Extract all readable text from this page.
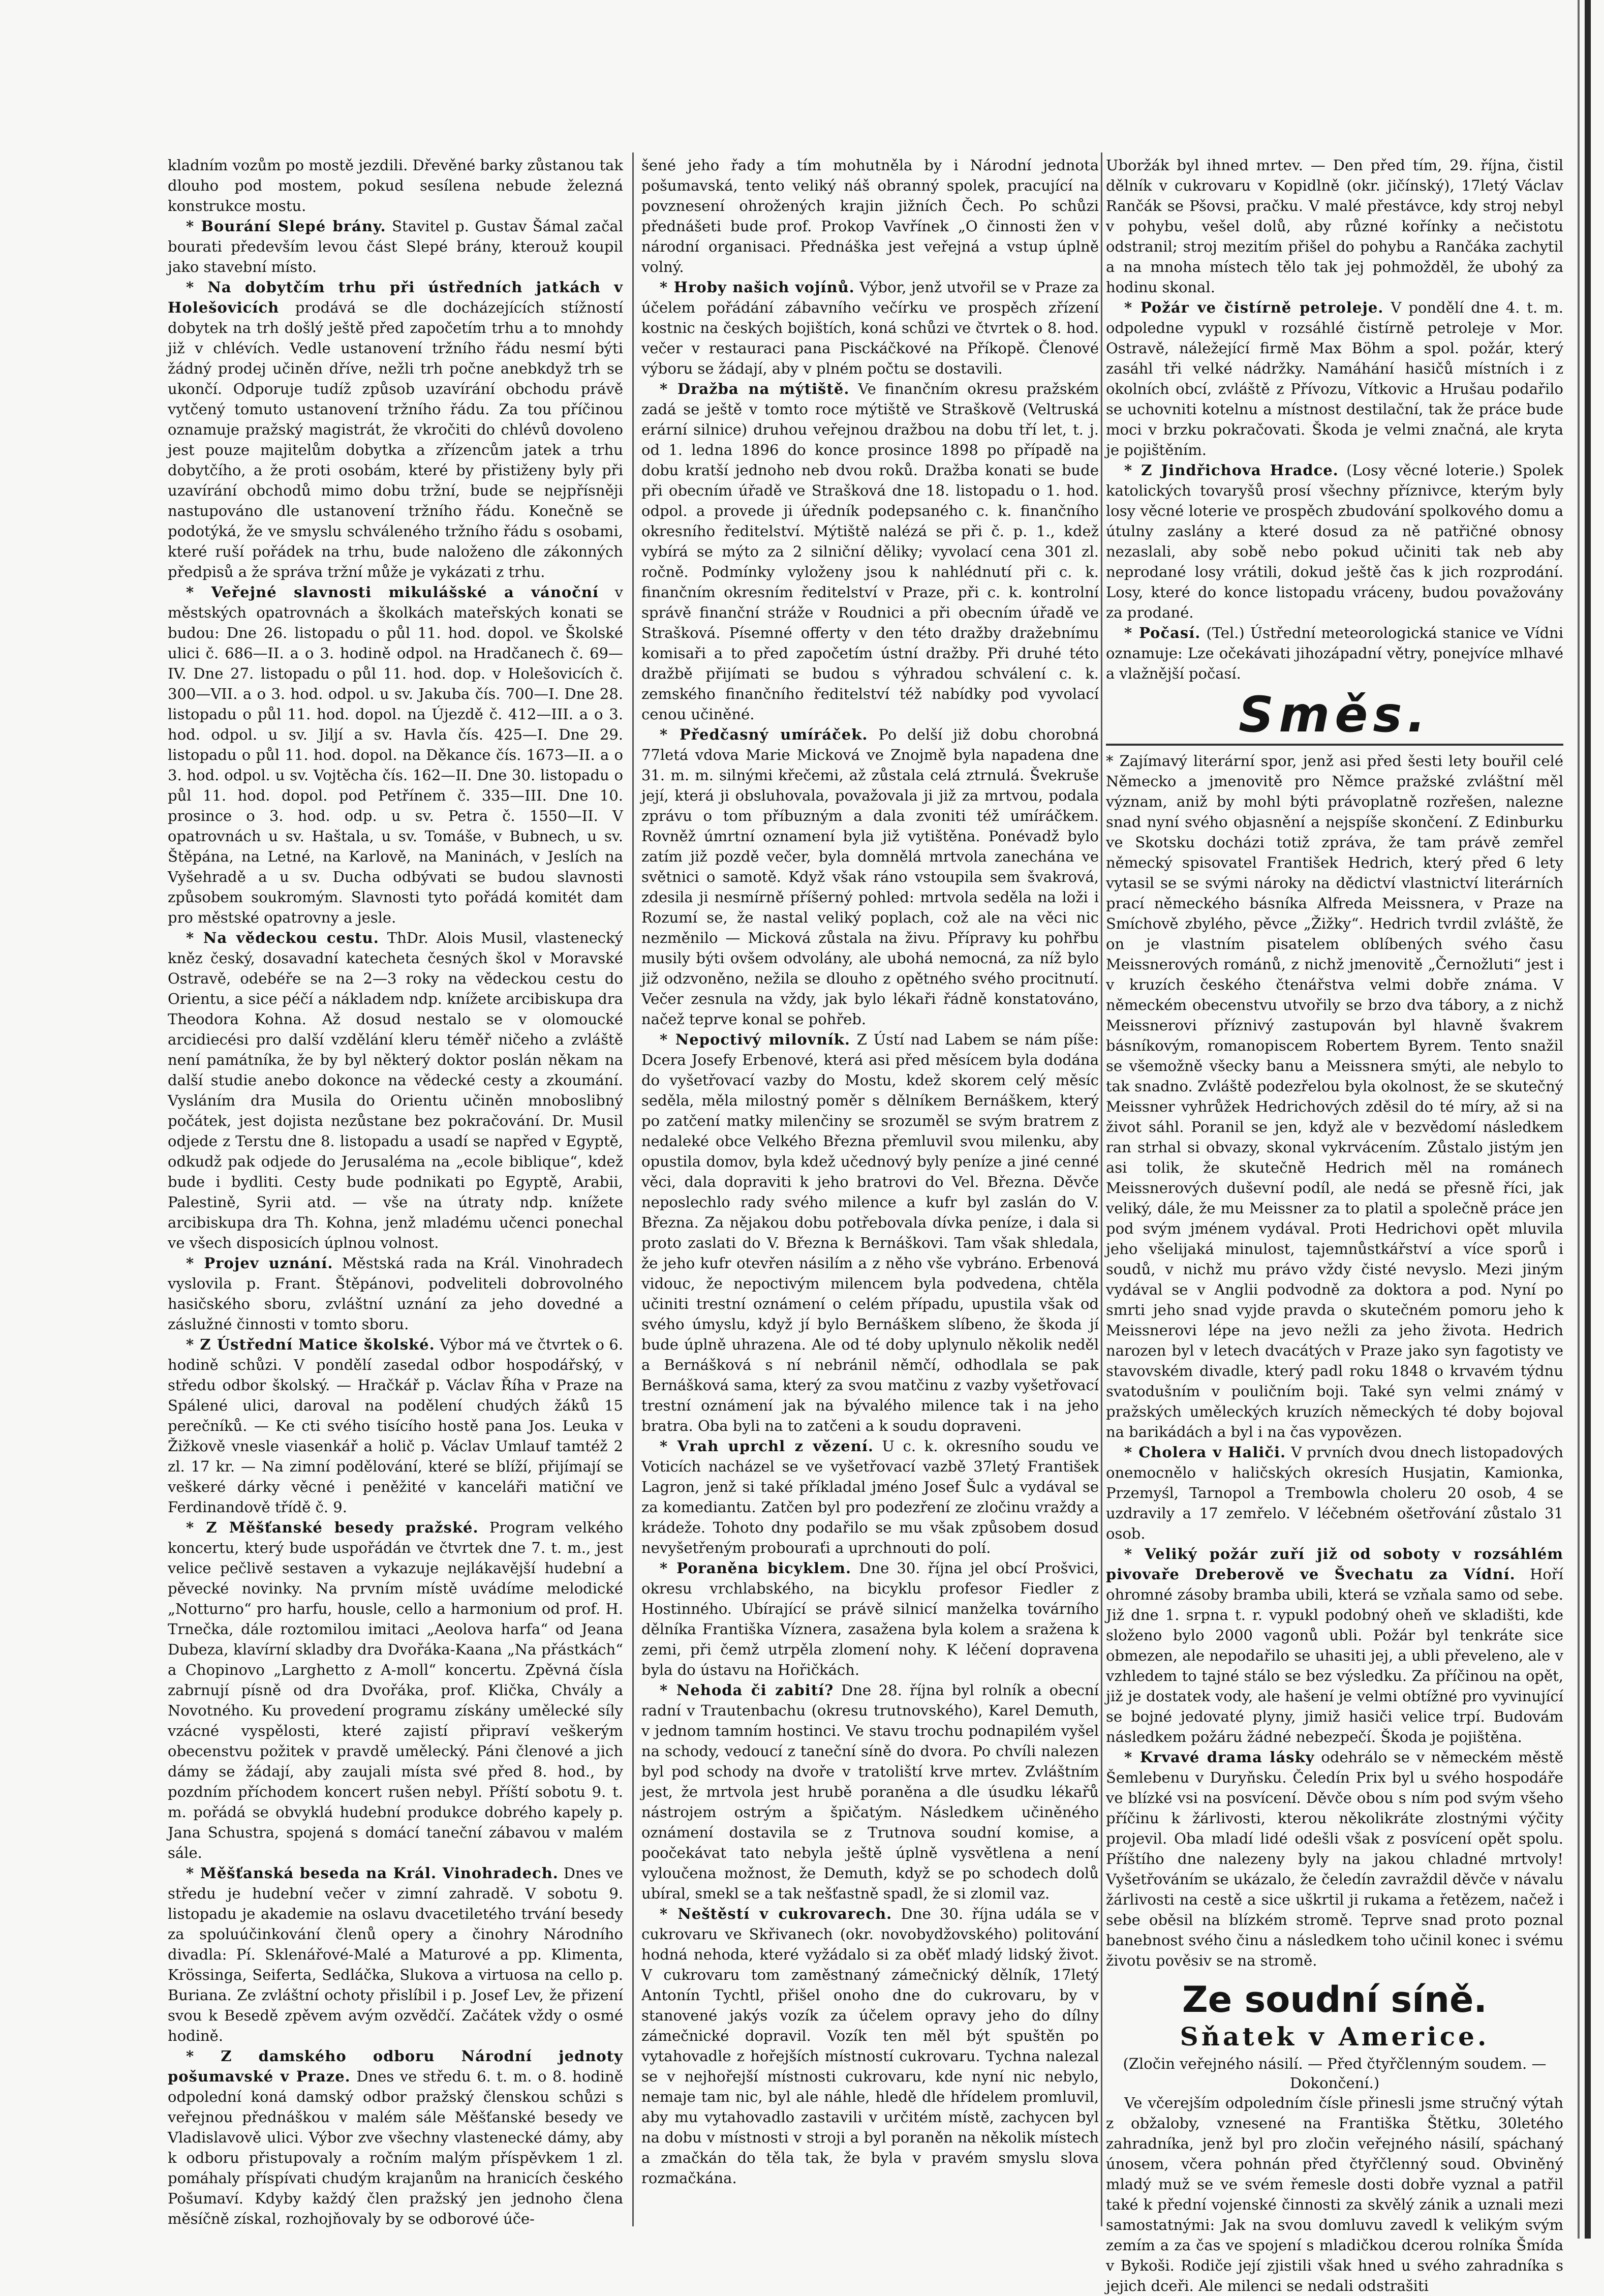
kladním vozům po mostě jezdili. Dřevěné barky zůstanou tak dlouho pod mostem, pokud sesílena nebude železná konstrukce mostu.

* Bourání Slepé brány. Stavitel p. Gustav Šámal začal bourati především levou část Slepé brány, kterouž koupil jako stavební místo.

* Na dobytčím trhu při ústředních jatkách v Holešovicích prodává se dle docházejících stížností dobytek na trh došlý ještě před započetím trhu a to mnohdy již v chlévích. Vedle ustanovení tržního řádu nesmí býti žádný prodej učiněn dříve, nežli trh počne anebkdyž trh se ukončí. Odporuje tudíž způsob uzavírání obchodu právě vytčený tomuto ustanovení tržního řádu. Za tou příčinou oznamuje pražský magistrát, že vkročiti do chlévů dovoleno jest pouze majitelům dobytka a zřízencům jatek a trhu dobytčího, a že proti osobám, které by přistiženy byly při uzavírání obchodů mimo dobu tržní, bude se nejpřísněji nastupováno dle ustanovení tržního řádu. Konečně se podotýká, že ve smyslu schváleného tržního řádu s osobami, které ruší pořádek na trhu, bude naloženo dle zákonných předpisů a že správa tržní může je vykázati z trhu.

* Veřejné slavnosti mikulášské a vánoční v městských opatrovnách a školkách mateřských konati se budou: Dne 26. listopadu o půl 11. hod. dopol. ve Školské ulici č. 686—II. a o 3. hodině odpol. na Hradčanech č. 69—IV. Dne 27. listopadu o půl 11. hod. dop. v Holešovicích č. 300—VII. a o 3. hod. odpol. u sv. Jakuba čís. 700—I. Dne 28. listopadu o půl 11. hod. dopol. na Újezdě č. 412—III. a o 3. hod. odpol. u sv. Jiljí a sv. Havla čís. 425—I. Dne 29. listopadu o půl 11. hod. dopol. na Děkance čís. 1673—II. a o 3. hod. odpol. u sv. Vojtěcha čís. 162—II. Dne 30. listopadu o půl 11. hod. dopol. pod Petřínem č. 335—III. Dne 10. prosince o 3. hod. odp. u sv. Petra č. 1550—II. V opatrovnách u sv. Haštala, u sv. Tomáše, v Bubnech, u sv. Štěpána, na Letné, na Karlově, na Maninách, v Jeslích na Vyšehradě a u sv. Ducha odbývati se budou slavnosti způsobem soukromým. Slavnosti tyto pořádá komitét dam pro městské opatrovny a jesle.

* Na vědeckou cestu. ThDr. Alois Musil, vlastenecký kněz český, dosavadní katecheta česných škol v Moravské Ostravě, odebéře se na 2—3 roky na vědeckou cestu do Orientu, a sice péčí a nákladem ndp. knížete arcibiskupa dra Theodora Kohna. Až dosud nestalo se v olomoucké arcidiecési pro další vzdělání kleru téměř ničeho a zvláště není památníka, že by byl některý doktor poslán někam na další studie anebo dokonce na vědecké cesty a zkoumání. Vysláním dra Musila do Orientu učiněn mnoboslibný počátek, jest dojista nezůstane bez pokračování. Dr. Musil odjede z Terstu dne 8. listopadu a usadí se napřed v Egyptě, odkudž pak odjede do Jerusaléma na „ecole biblique“, kdež bude i bydliti. Cesty bude podnikati po Egyptě, Arabii, Palestině, Syrii atd. — vše na útraty ndp. knížete arcibiskupa dra Th. Kohna, jenž mladému učenci ponechal ve všech disposicích úplnou volnost.

* Projev uznání. Městská rada na Král. Vinohradech vyslovila p. Frant. Štěpánovi, podveliteli dobrovolného hasičského sboru, zvláštní uznání za jeho dovedné a záslužné činnosti v tomto sboru.

* Z Ústřední Matice školské. Výbor má ve čtvrtek o 6. hodině schůzi. V pondělí zasedal odbor hospodářský, v středu odbor školský. — Hračkář p. Václav Říha v Praze na Spálené ulici, daroval na podělení chudých žáků 15 perečníků. — Ke cti svého tisícího hostě pana Jos. Leuka v Žižkově vnesle viasenkář a holič p. Václav Umlauf tamtéž 2 zl. 17 kr. — Na zimní podělování, které se blíží, přijímají se veškeré dárky věcné i peněžité v kanceláři matiční ve Ferdinandově třídě č. 9.

* Z Měšťanské besedy pražské. Program velkého koncertu, který bude uspořádán ve čtvrtek dne 7. t. m., jest velice pečlivě sestaven a vykazuje nejlákavější hudební a pěvecké novinky. Na prvním místě uvádíme melodické „Notturno“ pro harfu, housle, cello a harmonium od prof. H. Trnečka, dále roztomilou imitaci „Aeolova harfa“ od Jeana Dubeza, klavírní skladby dra Dvořáka-Kaana „Na přástkách“ a Chopinovo „Larghetto z A-moll“ koncertu. Zpěvná čísla zabrnují písně od dra Dvořáka, prof. Klička, Chvály a Novotného. Ku provedení programu získány umělecké síly vzácné vyspělosti, které zajistí připraví veškerým obecenstvu požitek v pravdě umělecký. Páni členové a jich dámy se žádají, aby zaujali místa své před 8. hod., by pozdním příchodem koncert rušen nebyl. Příští sobotu 9. t. m. pořádá se obvyklá hudební produkce dobrého kapely p. Jana Schustra, spojená s domácí taneční zábavou v malém sále.

* Měšťanská beseda na Král. Vinohradech. Dnes ve středu je hudební večer v zimní zahradě. V sobotu 9. listopadu je akademie na oslavu dvacetiletého trvání besedy za spoluúčinkování členů opery a činohry Národního divadla: Pí. Sklenářové-Malé a Maturové a pp. Klimenta, Krössinga, Seiferta, Sedláčka, Slukova a virtuosa na cello p. Buriana. Ze zvláštní ochoty přislíbil i p. Josef Lev, že přizení svou k Besedě zpěvem avým ozvědčí. Začátek vždy o osmé hodině.

* Z damského odboru Národní jednoty pošumavské v Praze. Dnes ve středu 6. t. m. o 8. hodině odpolední koná damský odbor pražský členskou schůzi s veřejnou přednáškou v malém sále Měšťanské besedy ve Vladislavově ulici. Výbor zve všechny vlastenecké dámy, aby k odboru přistupovaly a ročním malým příspěvkem 1 zl. pomáhaly příspívati chudým krajanům na hranicích českého Pošumaví. Kdyby každý člen pražský jen jednoho člena měsíčně získal, rozhojňovaly by se odborové úče-

šené jeho řady a tím mohutněla by i Národní jednota pošumavská, tento veliký náš obranný spolek, pracující na povznesení ohrožených krajin jižních Čech. Po schůzi přednášeti bude prof. Prokop Vavřínek „O činnosti žen v národní organisaci. Přednáška jest veřejná a vstup úplně volný.

* Hroby našich vojínů. Výbor, jenž utvořil se v Praze za účelem pořádání zábavního večírku ve prospěch zřízení kostnic na českých bojištích, koná schůzi ve čtvrtek o 8. hod. večer v restauraci pana Pisckáčkové na Příkopě. Členové výboru se žádají, aby v plném počtu se dostavili.

* Dražba na mýtiště. Ve finančním okresu pražském zadá se ještě v tomto roce mýtiště ve Straškově (Veltruská erární silnice) druhou veřejnou dražbou na dobu tří let, t. j. od 1. ledna 1896 do konce prosince 1898 po případě na dobu kratší jednoho neb dvou roků. Dražba konati se bude při obecním úřadě ve Strašková dne 18. listopadu o 1. hod. odpol. a provede ji úředník podepsaného c. k. finančního okresního ředitelství. Mýtiště nalézá se při č. p. 1., kdež vybírá se mýto za 2 silniční děliky; vyvolací cena 301 zl. ročně. Podmínky vyloženy jsou k nahlédnutí při c. k. finančním okresním ředitelství v Praze, při c. k. kontrolní správě finanční stráže v Roudnici a při obecním úřadě ve Strašková. Písemné offerty v den této dražby dražebnímu komisaři a to před započetím ústní dražby. Při druhé této dražbě přijímati se budou s výhradou schválení c. k. zemského finančního ředitelství též nabídky pod vyvolací cenou učiněné.

* Předčasný umíráček. Po delší již dobu chorobná 77letá vdova Marie Micková ve Znojmě byla napadena dne 31. m. m. silnými křečemi, až zůstala celá ztrnulá. Švekruše její, která ji obsluhovala, považovala ji již za mrtvou, podala zprávu o tom příbuzným a dala zvoniti též umíráčkem. Rovněž úmrtní oznamení byla již vytištěna. Ponévadž bylo zatím již pozdě večer, byla domnělá mrtvola zanechána ve světnici o samotě. Když však ráno vstoupila sem švakrová, zdesila ji nesmírně příšerný pohled: mrtvola seděla na loži i Rozumí se, že nastal veliký poplach, což ale na věci nic nezměnilo — Micková zůstala na živu. Přípravy ku pohřbu musily býti ovšem odvolány, ale ubohá nemocná, za níž bylo již odzvoněno, nežila se dlouho z opětného svého procitnutí. Večer zesnula na vždy, jak bylo lékaři řádně konstatováno, načež teprve konal se pohřeb.

* Nepoctivý milovník. Z Ústí nad Labem se nám píše: Dcera Josefy Erbenové, která asi před měsícem byla dodána do vyšetřovací vazby do Mostu, kdež skorem celý měsíc seděla, měla milostný poměr s dělníkem Bernáškem, který po zatčení matky milenčiny se srozuměl se svým bratrem z nedaleké obce Velkého Března přemluvil svou milenku, aby opustila domov, byla kdež učednový byly peníze a jiné cenné věci, dala dopraviti k jeho bratrovi do Vel. Března. Děvče neposlechlo rady svého milence a kufr byl zaslán do V. Března. Za nějakou dobu potřebovala dívka peníze, i dala si proto zaslati do V. Března k Bernáškovi. Tam však shledala, že jeho kufr otevřen násilím a z něho vše vybráno. Erbenová vidouc, že nepoctivým milencem byla podvedena, chtěla učiniti trestní oznámení o celém případu, upustila však od svého úmyslu, když jí bylo Bernáškem slíbeno, že škoda jí bude úplně uhrazena. Ale od té doby uplynulo několik neděl a Bernášková s ní nebránil němčí, odhodlala se pak Bernášková sama, který za svou matčinu z vazby vyšetřovací trestní oznámení jak na bývalého milence tak i na jeho bratra. Oba byli na to zatčeni a k soudu dopraveni.

* Vrah uprchl z vězení. U c. k. okresního soudu ve Voticích nacházel se ve vyšetřovací vazbě 37letý František Lagron, jenž si také příkladal jméno Josef Šulc a vydával se za komediantu. Zatčen byl pro podezření ze zločinu vraždy a krádeže. Tohoto dny podařilo se mu však způsobem dosud nevyšetřeným probouraťi a uprchnouti do polí.

* Poraněna bicyklem. Dne 30. října jel obcí Prošvici, okresu vrchlabského, na bicyklu profesor Fiedler z Hostinného. Ubírající se právě silnicí manželka továrního dělníka Františka Víznera, zasažena byla kolem a sražena k zemi, při čemž utrpěla zlomení nohy. K léčení dopravena byla do ústavu na Hořičkách.

* Nehoda či zabití? Dne 28. října byl rolník a obecní radní v Trautenbachu (okresu trutnovského), Karel Demuth, v jednom tamním hostinci. Ve stavu trochu podnapilém vyšel na schody, vedoucí z taneční síně do dvora. Po chvíli nalezen byl pod schody na dvoře v tratoliští krve mrtev. Zvláštním jest, že mrtvola jest hrubě poraněna a dle úsudku lékařů nástrojem ostrým a špičatým. Následkem učiněného oznámení dostavila se z Trutnova soudní komise, a poočekávat tato nebyla ještě úplně vysvětlena a není vyloučena možnost, že Demuth, když se po schodech dolů ubíral, smekl se a tak nešťastně spadl, že si zlomil vaz.

* Neštěstí v cukrovarech. Dne 30. října udála se v cukrovaru ve Skřivanech (okr. novobydžovského) politování hodná nehoda, které vyžádalo si za oběť mladý lidský život. V cukrovaru tom zaměstnaný zámečnický dělník, 17letý Antonín Tychtl, přišel onoho dne do cukrovaru, by v stanovené jakýs vozík za účelem opravy jeho do dílny zámečnické dopravil. Vozík ten měl být spuštěn po vytahovadle z hořejších místností cukrovaru. Tychna nalezal se v nejhořejší místnosti cukrovaru, kde nyní nic nebylo, nemaje tam nic, byl ale náhle, hledě dle hřídelem promluvil, aby mu vytahovadlo zastavili v určitém místě, zachycen byl na dobu v místnosti v stroji a byl poraněn na několik místech a zmačkán do těla tak, že byla v pravém smyslu slova rozmačkána.

Uboržák byl ihned mrtev. — Den před tím, 29. října, čistil dělník v cukrovaru v Kopidlně (okr. jičínský), 17letý Václav Rančák se Pšovsi, pračku. V malé přestávce, kdy stroj nebyl v pohybu, vešel dolů, aby různé kořínky a nečistotu odstranil; stroj mezitím přišel do pohybu a Rančáka zachytil a na mnoha místech tělo tak jej pohmožděl, že ubohý za hodinu skonal.

* Požár ve čistírně petroleje. V pondělí dne 4. t. m. odpoledne vypukl v rozsáhlé čistírně petroleje v Mor. Ostravě, náležející firmě Max Böhm a spol. požár, který zasáhl tři velké nádržky. Namáhání hasičů místních i z okolních obcí, zvláště z Přívozu, Vítkovic a Hrušau podařilo se uchovniti kotelnu a místnost destilační, tak že práce bude moci v brzku pokračovati. Škoda je velmi značná, ale kryta je pojištěním.

* Z Jindřichova Hradce. (Losy věcné loterie.) Spolek katolických tovaryšů prosí všechny příznivce, kterým byly losy věcné loterie ve prospěch zbudování spolkového domu a útulny zaslány a které dosud za ně patřičné obnosy nezaslali, aby sobě nebo pokud učiniti tak neb aby neprodané losy vrátili, dokud ještě čas k jich rozprodání. Losy, které do konce listopadu vráceny, budou považovány za prodané.

* Počasí. (Tel.) Ústřední meteorologická stanice ve Vídni oznamuje: Lze očekávati jihozápadní větry, ponejvíce mlhavé a vlažnější počasí.

Směs.

* Zajímavý literární spor, jenž asi před šesti lety bouřil celé Německo a jmenovitě pro Němce pražské zvláštní měl význam, aniž by mohl býti právoplatně rozřešen, nalezne snad nyní svého objasnění a nejspíše skončení. Z Edinburku ve Skotsku docházi totiž zpráva, že tam právě zemřel německý spisovatel František Hedrich, který před 6 lety vytasil se se svými nároky na dědictví vlastnictví literárních prací německého básníka Alfreda Meissnera, v Praze na Smíchově zbylého, pěvce „Žižky“. Hedrich tvrdil zvláště, že on je vlastním pisatelem oblíbených svého času Meissnerových románů, z nichž jmenovitě „Černožluti“ jest i v kruzích českého čtenářstva velmi dobře známa. V německém obecenstvu utvořily se brzo dva tábory, a z nichž Meissnerovi příznivý zastupován byl hlavně švakrem básníkovým, romanopiscem Robertem Byrem. Tento snažil se všemožně všecky banu a Meissnera smýti, ale nebylo to tak snadno. Zvláště podezřelou byla okolnost, že se skutečný Meissner vyhrůžek Hedrichových zděsil do té míry, až si na život sáhl. Poranil se jen, když ale v bezvědomí následkem ran strhal si obvazy, skonal vykrvácením. Zůstalo jistým jen asi tolik, že skutečně Hedrich měl na románech Meissnerových duševní podíl, ale nedá se přesně říci, jak veliký, dále, že mu Meissner za to platil a společně práce jen pod svým jménem vydával. Proti Hedrichovi opět mluvila jeho všelijaká minulost, tajemnůstkářství a více sporů i soudů, v nichž mu právo vždy čisté nevyslo. Mezi jiným vydával se v Anglii podvodně za doktora a pod. Nyní po smrti jeho snad vyjde pravda o skutečném pomoru jeho k Meissnerovi lépe na jevo nežli za jeho života. Hedrich narozen byl v letech dvacátých v Praze jako syn fagotisty ve stavovském divadle, který padl roku 1848 o krvavém týdnu svatodušním v pouličním boji. Také syn velmi známý v pražských uměleckých kruzích německých té doby bojoval na barikádách a byl i na čas vypovězen.

* Cholera v Haliči. V prvních dvou dnech listopadových onemocnělo v haličských okresích Husjatin, Kamionka, Przemyśl, Tarnopol a Trembowla choleru 20 osob, 4 se uzdravily a 17 zemřelo. V léčebném ošetřování zůstalo 31 osob.

* Veliký požár zuří již od soboty v rozsáhlém pivovaře Dreberově ve Švechatu za Vídní. Hoří ohromné zásoby bramba ubili, která se vzňala samo od sebe. Již dne 1. srpna t. r. vypukl podobný oheň ve skladišti, kde složeno bylo 2000 vagonů ubli. Požár byl tenkráte sice obmezen, ale nepodařilo se uhasiti jej, a ubli převeleno, ale v vzhledem to tajné stálo se bez výsledku. Za příčinou na opět, již je dostatek vody, ale hašení je velmi obtížné pro vyvinující se bojné jedovaté plyny, jimiž hasiči velice trpí. Budovám následkem požáru žádné nebezpečí. Škoda je pojištěna.

* Krvavé drama lásky odehrálo se v německém městě Šemlebenu v Duryňsku. Čeledín Prix byl u svého hospodáře ve blízké vsi na posvícení. Děvče obou s ním pod svým všeho příčinu k žárlivosti, kterou několikráte zlostnými výčity projevil. Oba mladí lidé odešli však z posvícení opět spolu. Příštího dne nalezeny byly na jakou chladné mrtvoly! Vyšetřováním se ukázalo, že čeledín zavraždil děvče v návalu žárlivosti na cestě a sice uškrtil ji rukama a řetězem, načež i sebe oběsil na blízkém stromě. Teprve snad proto poznal banebnost svého činu a následkem toho učinil konec i svému životu pověsiv se na stromě.

Ze soudní síně.
Sňatek v Americe.
(Zločin veřejného násilí. — Před čtyřčlenným soudem. — Dokončení.)

Ve včerejším odpoledním čísle přinesli jsme stručný výtah z obžaloby, vznesené na Františka Štětku, 30letého zahradníka, jenž byl pro zločin veřejného násilí, spáchaný únosem, včera pohnán před čtyřčlenný soud. Obviněný mladý muž se ve svém řemesle dosti dobře vyznal a patřil také k přední vojenské činnosti za skvělý zánik a uznali mezi samostatnými: Jak na svou domluvu zavedl k velikým svým zemím a za čas ve spojení s mladičkou dcerou rolníka Šmída v Bykoši. Rodiče její zjistili však hned u svého zahradníka s jejich dceři. Ale milenci se nedali odstrašiti
